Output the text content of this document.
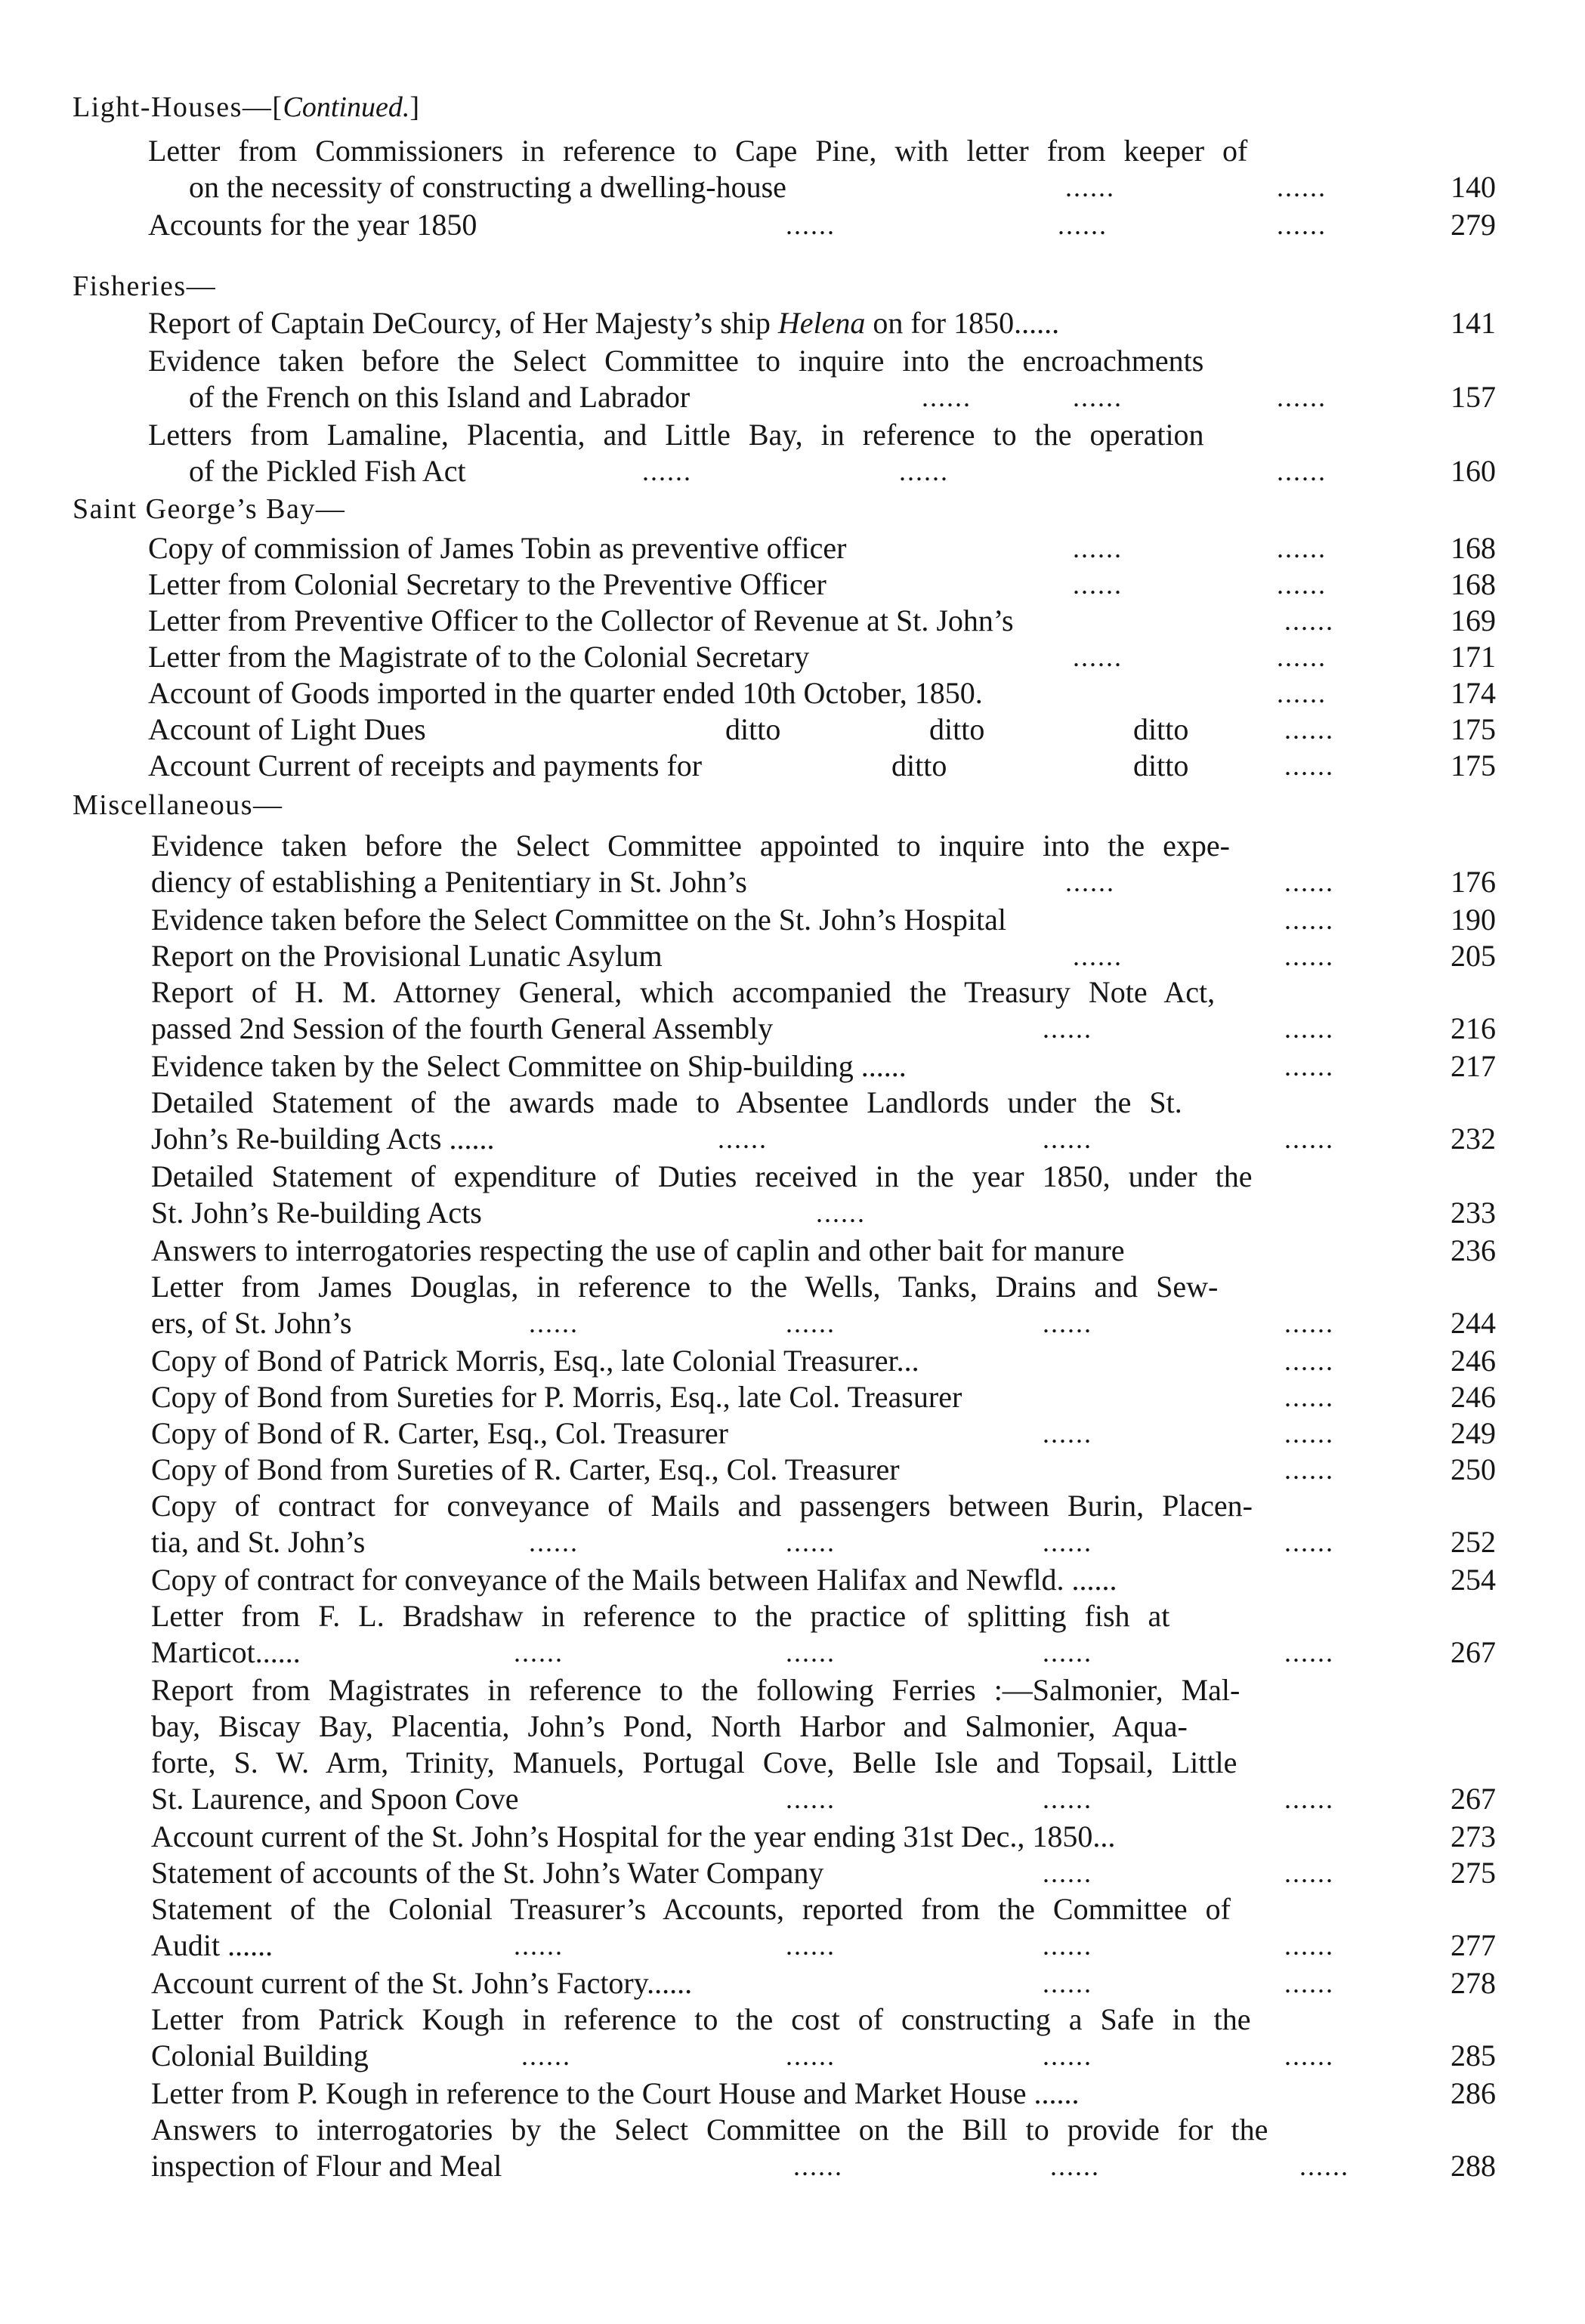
Light-Houses—[Continued.]
Letter from Commissioners in reference to Cape Pine, with letter from keeper of
on the necessity of constructing a dwelling-house	......	......	140
Accounts for the year 1850	......	......	......	279
Fisheries—
Report of Captain DeCourcy, of Her Majesty’s ship Helena on for 1850......	141
Evidence taken before the Select Committee to inquire into the encroachments
of the French on this Island and Labrador	......	......	......	157
Letters from Lamaline, Placentia, and Little Bay, in reference to the operation
of the Pickled Fish Act	......	......	......	160
Saint George’s Bay—
Copy of commission of James Tobin as preventive officer	......	......	168
Letter from Colonial Secretary to the Preventive Officer	......	......	168
Letter from Preventive Officer to the Collector of Revenue at St. John’s	......	169
Letter from the Magistrate of to the Colonial Secretary	......	......	171
Account of Goods imported in the quarter ended 10th October, 1850.	......	174
Account of Light Dues	ditto	ditto	ditto	......	175
Account Current of receipts and payments for	ditto	ditto	......	175
Miscellaneous—
Evidence taken before the Select Committee appointed to inquire into the expe-
diency of establishing a Penitentiary in St. John’s	......	......	176
Evidence taken before the Select Committee on the St. John’s Hospital	......	190
Report on the Provisional Lunatic Asylum	......	......	205
Report of H. M. Attorney General, which accompanied the Treasury Note Act,
passed 2nd Session of the fourth General Assembly	......	......	216
Evidence taken by the Select Committee on Ship-building ......	......	217
Detailed Statement of the awards made to Absentee Landlords under the St.
John’s Re-building Acts ......	......	......	......	232
Detailed Statement of expenditure of Duties received in the year 1850, under the
St. John’s Re-building Acts	......	233
Answers to interrogatories respecting the use of caplin and other bait for manure	236
Letter from James Douglas, in reference to the Wells, Tanks, Drains and Sew-
ers, of St. John’s	......	......	......	......	244
Copy of Bond of Patrick Morris, Esq., late Colonial Treasurer...	......	246
Copy of Bond from Sureties for P. Morris, Esq., late Col. Treasurer	......	246
Copy of Bond of R. Carter, Esq., Col. Treasurer	......	......	249
Copy of Bond from Sureties of R. Carter, Esq., Col. Treasurer	......	250
Copy of contract for conveyance of Mails and passengers between Burin, Placen-
tia, and St. John’s	......	......	......	......	252
Copy of contract for conveyance of the Mails between Halifax and Newfld. ......	254
Letter from F. L. Bradshaw in reference to the practice of splitting fish at
Marticot......	......	......	......	......	267
Report from Magistrates in reference to the following Ferries :—Salmonier, Mal-
bay, Biscay Bay, Placentia, John’s Pond, North Harbor and Salmonier, Aqua-
forte, S. W. Arm, Trinity, Manuels, Portugal Cove, Belle Isle and Topsail, Little
St. Laurence, and Spoon Cove	......	......	......	267
Account current of the St. John’s Hospital for the year ending 31st Dec., 1850...	273
Statement of accounts of the St. John’s Water Company	......	......	275
Statement of the Colonial Treasurer’s Accounts, reported from the Committee of
Audit ......	......	......	......	......	277
Account current of the St. John’s Factory......	......	......	278
Letter from Patrick Kough in reference to the cost of constructing a Safe in the
Colonial Building	......	......	......	......	285
Letter from P. Kough in reference to the Court House and Market House ......	286
Answers to interrogatories by the Select Committee on the Bill to provide for the
inspection of Flour and Meal	......	......	......	288
